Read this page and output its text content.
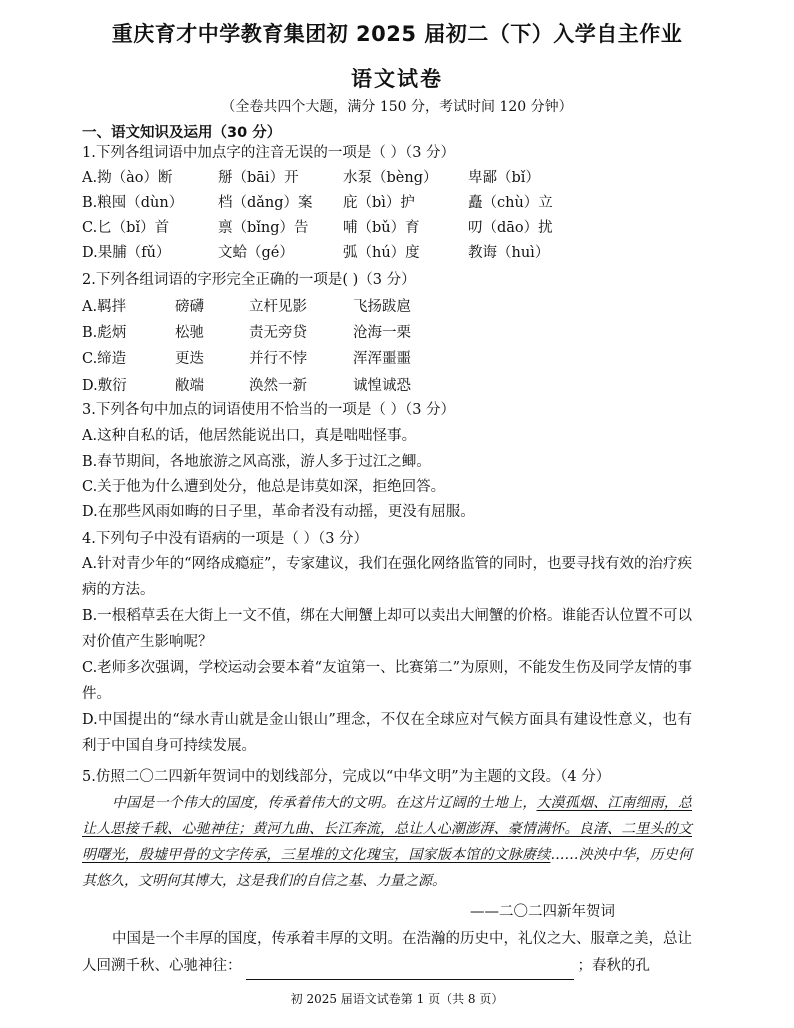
重庆育才中学教育集团初 2025 届初二（下）入学自主作业
语文试卷
（全卷共四个大题，满分 150 分，考试时间 120 分钟）
一、语文知识及运用（30 分）
1.下列各组词语中加点字的注音无误的一项是（ ）（3 分）
A.拗（ào）断	掰（bāi）开	水泵（bèng） 卑鄙（bǐ）
B.粮囤（dùn） 档（dǎng）案 庇（bì）护	矗（chù）立
C.匕（bǐ）首	禀（bǐng）告 哺（bǔ）育	叨（dāo）扰
D.果脯（fǔ）	文蛤（gé）	弧（hú）度	教诲（huì）
2.下列各组词语的字形完全正确的一项是( )（3 分）
A.羁拌	磅礴	立杆见影	飞扬跋扈
B.彪炳	松驰	责无旁贷	沧海一栗
C.缔造	更迭	并行不悖	浑浑噩噩
D.敷衍	敝端	涣然一新	诚惶诚恐
3.下列各句中加点的词语使用不恰当的一项是（ ）（3 分）
A.这种自私的话，他居然能说出口，真是咄咄怪事。
B.春节期间，各地旅游之风高涨，游人多于过江之鲫。
C.关于他为什么遭到处分，他总是讳莫如深，拒绝回答。
D.在那些风雨如晦的日子里，革命者没有动摇，更没有屈服。
4.下列句子中没有语病的一项是（ ）（3 分）
A.针对青少年的“网络成瘾症”，专家建议，我们在强化网络监管的同时，也要寻找有效的治疗疾病的方法。
B.一根稻草丢在大街上一文不值，绑在大闸蟹上却可以卖出大闸蟹的价格。谁能否认位置不可以对价值产生影响呢？
C.老师多次强调，学校运动会要本着“友谊第一、比赛第二”为原则，不能发生伤及同学友情的事件。
D.中国提出的“绿水青山就是金山银山”理念，不仅在全球应对气候方面具有建设性意义，也有利于中国自身可持续发展。
5.仿照二〇二四新年贺词中的划线部分，完成以“中华文明”为主题的文段。（4 分）
中国是一个伟大的国度，传承着伟大的文明。在这片辽阔的土地上，大漠孤烟、江南细雨，总让人思接千载、心驰神往；黄河九曲、长江奔流，总让人心潮澎湃、豪情满怀。良渚、二里头的文明曙光，殷墟甲骨的文字传承，三星堆的文化瑰宝，国家版本馆的文脉赓续……泱泱中华，历史何其悠久，文明何其博大，这是我们的自信之基、力量之源。
——二〇二四新年贺词
中国是一个丰厚的国度，传承着丰厚的文明。在浩瀚的历史中，礼仪之大、服章之美，总让人回溯千秋、心驰神往：	；春秋的孔
初 2025 届语文试卷第 1 页（共 8 页）
